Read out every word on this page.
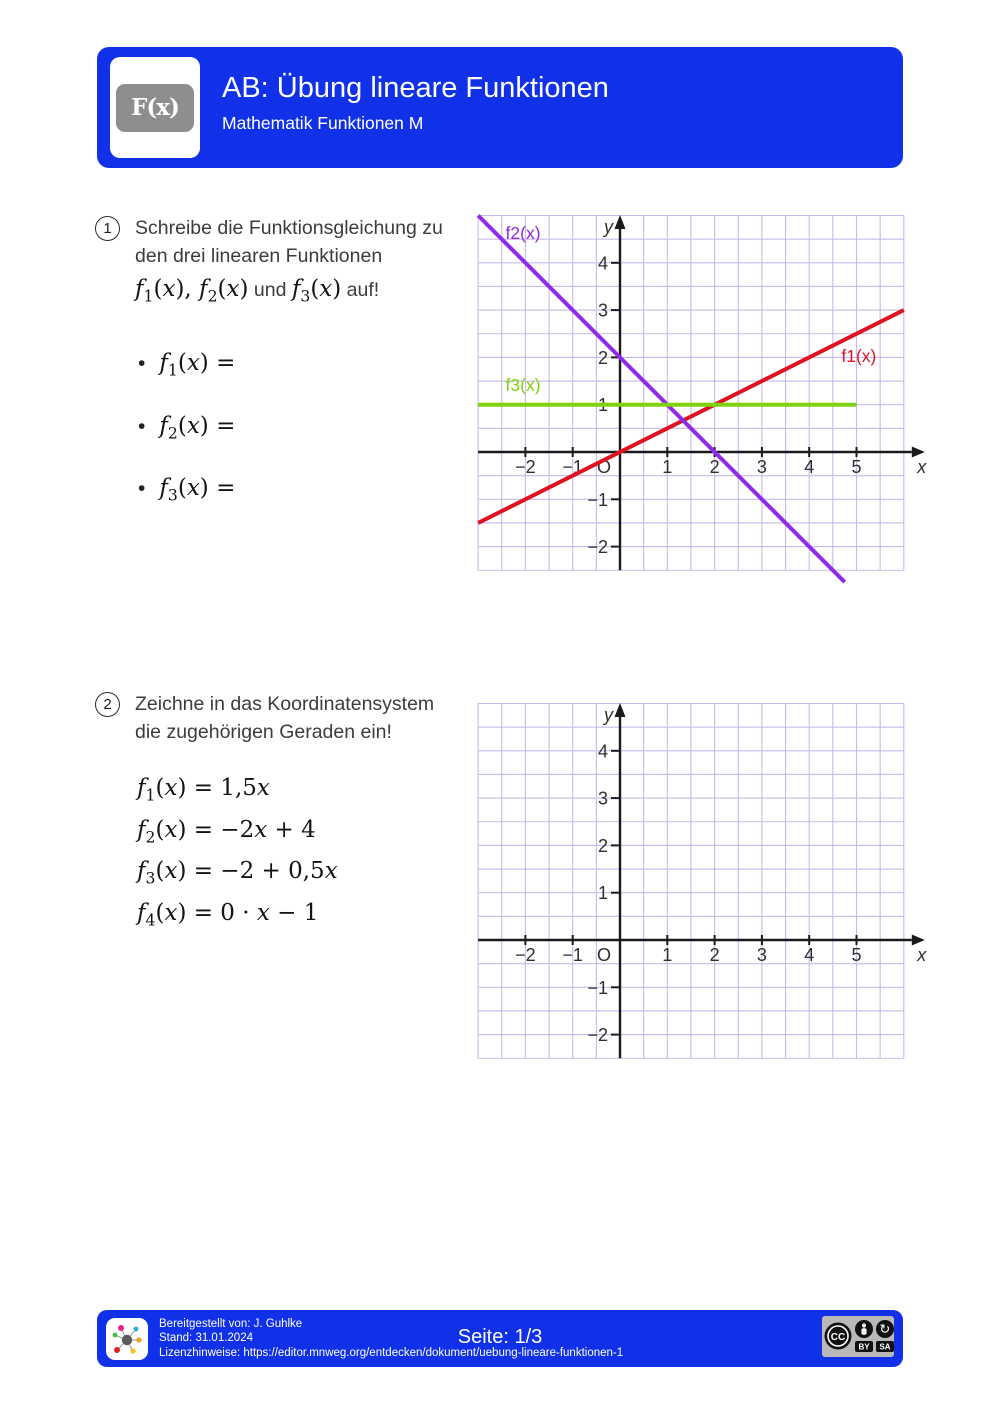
F(x)
AB: Übung lineare Funktionen
Mathematik Funktionen M
1 Schreibe die Funktionsgleichung zu
den drei linearen Funktionen
$f_1(x)$, $f_2(x)$ und $f_3(x)$ auf!
• $f_1(x)$ =
• $f_2(x)$ =
• $f_3(x)$ =
−2 −1	1 2 3 4 5
−2
−1
1
2
3
4
O	x
y
f1(x)
f2(x)
f3(x)
2 Zeichne in das Koordinatensystem
die zugehörigen Geraden ein!
$f_1(x) = 1,5x$
$f_2(x) = -2x + 4$
$f_3(x) = -2 + 0,5x$
$f_4(x) = 0 \cdot x - 1$
−2 −1	1 2 3 4 5
−2
−1
1
2
3
4
O	x
y
Bereitgestellt von: J. Guhlke
Stand: 31.01.2024
Lizenzhinweise: https://editor.mnweg.org/entdecken/dokument/uebung-lineare-funktionen-1
Seite: 1/3	CC
BY
↻
SA
